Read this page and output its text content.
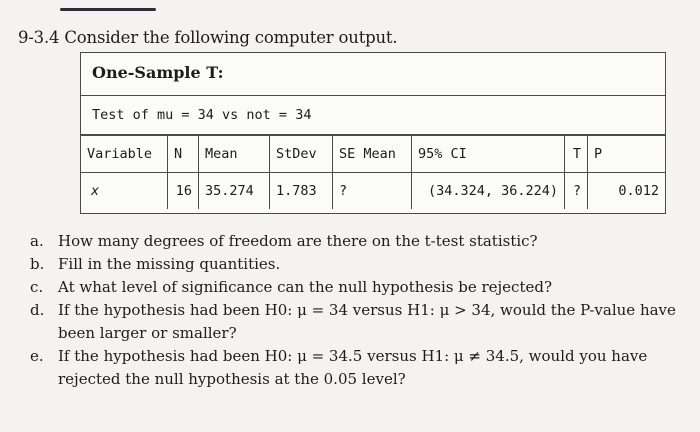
9-3.4 Consider the following computer output.
One-Sample T:
Test of mu = 34 vs not = 34
Variable	N	Mean	StDev	SE Mean	95% CI	T	P
x	16	35.274	1.783	?	(34.324, 36.224)	?	0.012
a. How many degrees of freedom are there on the t-test statistic?
b. Fill in the missing quantities.
c. At what level of significance can the null hypothesis be rejected?
d. If the hypothesis had been H0: μ = 34 versus H1: μ > 34, would the P-value have been larger or smaller?
e. If the hypothesis had been H0: μ = 34.5 versus H1: μ ≠ 34.5, would you have rejected the null hypothesis at the 0.05 level?
